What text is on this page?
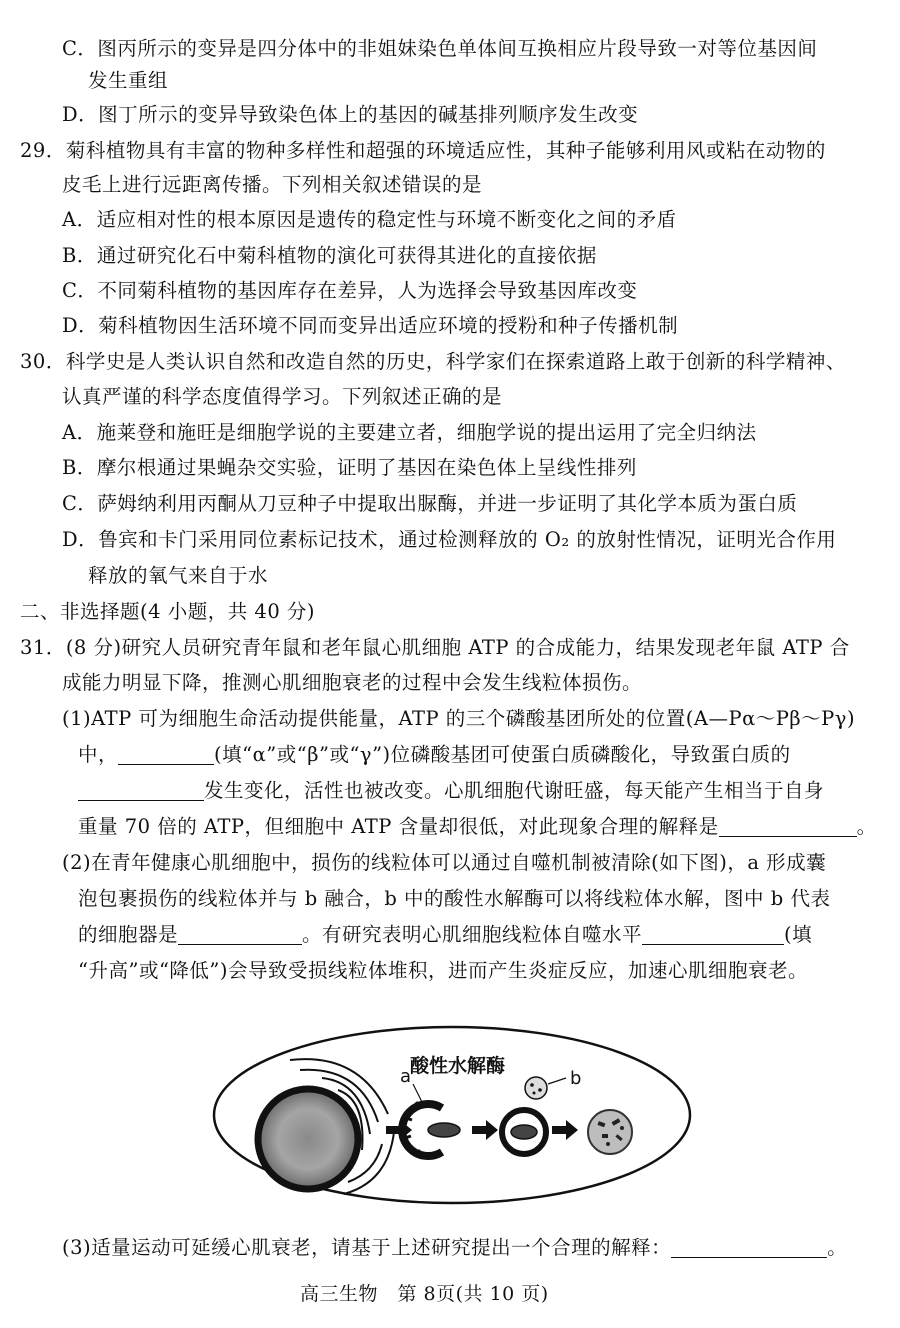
C．图丙所示的变异是四分体中的非姐妹染色单体间互换相应片段导致一对等位基因间
发生重组
D．图丁所示的变异导致染色体上的基因的碱基排列顺序发生改变
29．菊科植物具有丰富的物种多样性和超强的环境适应性，其种子能够利用风或粘在动物的
皮毛上进行远距离传播。下列相关叙述错误的是
A．适应相对性的根本原因是遗传的稳定性与环境不断变化之间的矛盾
B．通过研究化石中菊科植物的演化可获得其进化的直接依据
C．不同菊科植物的基因库存在差异，人为选择会导致基因库改变
D．菊科植物因生活环境不同而变异出适应环境的授粉和种子传播机制
30．科学史是人类认识自然和改造自然的历史，科学家们在探索道路上敢于创新的科学精神、
认真严谨的科学态度值得学习。下列叙述正确的是
A．施莱登和施旺是细胞学说的主要建立者，细胞学说的提出运用了完全归纳法
B．摩尔根通过果蝇杂交实验，证明了基因在染色体上呈线性排列
C．萨姆纳利用丙酮从刀豆种子中提取出脲酶，并进一步证明了其化学本质为蛋白质
D．鲁宾和卡门采用同位素标记技术，通过检测释放的 O₂ 的放射性情况，证明光合作用
释放的氧气来自于水
二、非选择题(4 小题，共 40 分)
31．(8 分)研究人员研究青年鼠和老年鼠心肌细胞 ATP 的合成能力，结果发现老年鼠 ATP 合
成能力明显下降，推测心肌细胞衰老的过程中会发生线粒体损伤。
(1)ATP 可为细胞生命活动提供能量，ATP 的三个磷酸基团所处的位置(A—Pα～Pβ～Pγ)
中，	(填“α”或“β”或“γ”)位磷酸基团可使蛋白质磷酸化，导致蛋白质的
发生变化，活性也被改变。心肌细胞代谢旺盛，每天能产生相当于自身
重量 70 倍的 ATP，但细胞中 ATP 含量却很低，对此现象合理的解释是	。
(2)在青年健康心肌细胞中，损伤的线粒体可以通过自噬机制被清除(如下图)，a 形成囊
泡包裹损伤的线粒体并与 b 融合，b 中的酸性水解酶可以将线粒体水解，图中 b 代表
的细胞器是	。有研究表明心肌细胞线粒体自噬水平	(填
“升高”或“降低”)会导致受损线粒体堆积，进而产生炎症反应，加速心肌细胞衰老。
a
酸性水解酶
b
(3)适量运动可延缓心肌衰老，请基于上述研究提出一个合理的解释：	。
高三生物　第 8页(共 10 页)
